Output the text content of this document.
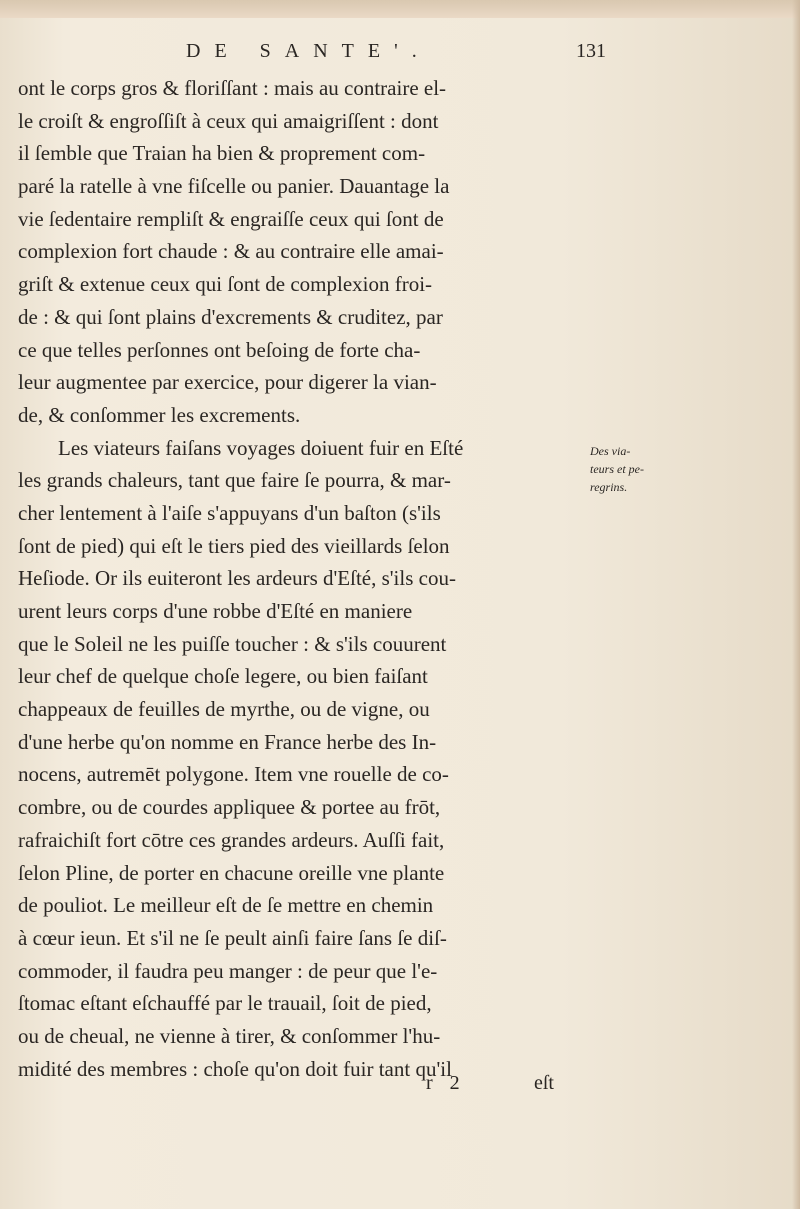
DE SANTE'.	131
ont le corps gros & floriſſant : mais au contraire el-
le croiſt & engroſſiſt à ceux qui amaigriſſent : dont
il ſemble que Traian ha bien & proprement com-
paré la ratelle à vne fiſcelle ou panier. Dauantage la
vie ſedentaire rempliſt & engraiſſe ceux qui ſont de
complexion fort chaude : & au contraire elle amai-
griſt & extenue ceux qui ſont de complexion froi-
de : & qui ſont plains d'excrements & cruditez, par
ce que telles perſonnes ont beſoing de forte cha-
leur augmentee par exercice, pour digerer la vian-
de, & conſommer les excrements.
Les viateurs faiſans voyages doiuent fuir en Eſté
les grands chaleurs, tant que faire ſe pourra, & mar-
cher lentement à l'aiſe s'appuyans d'un baſton (s'ils
ſont de pied) qui eſt le tiers pied des vieillards ſelon
Heſiode. Or ils euiteront les ardeurs d'Eſté, s'ils cou-
urent leurs corps d'une robbe d'Eſté en maniere
que le Soleil ne les puiſſe toucher : & s'ils couurent
leur chef de quelque choſe legere, ou bien faiſant
chappeaux de feuilles de myrthe, ou de vigne, ou
d'une herbe qu'on nomme en France herbe des In-
nocens, autremēt polygone. Item vne rouelle de co-
combre, ou de courdes appliquee & portee au frōt,
rafraichiſt fort cōtre ces grandes ardeurs. Auſſi fait,
ſelon Pline, de porter en chacune oreille vne plante
de pouliot. Le meilleur eſt de ſe mettre en chemin
à cœur ieun. Et s'il ne ſe peult ainſi faire ſans ſe diſ-
commoder, il faudra peu manger : de peur que l'e-
ſtomac eſtant eſchauffé par le trauail, ſoit de pied,
ou de cheual, ne vienne à tirer, & conſommer l'hu-
midité des membres : choſe qu'on doit fuir tant qu'il
Des via-
teurs et pe-
regrins.
r 2	eſt
